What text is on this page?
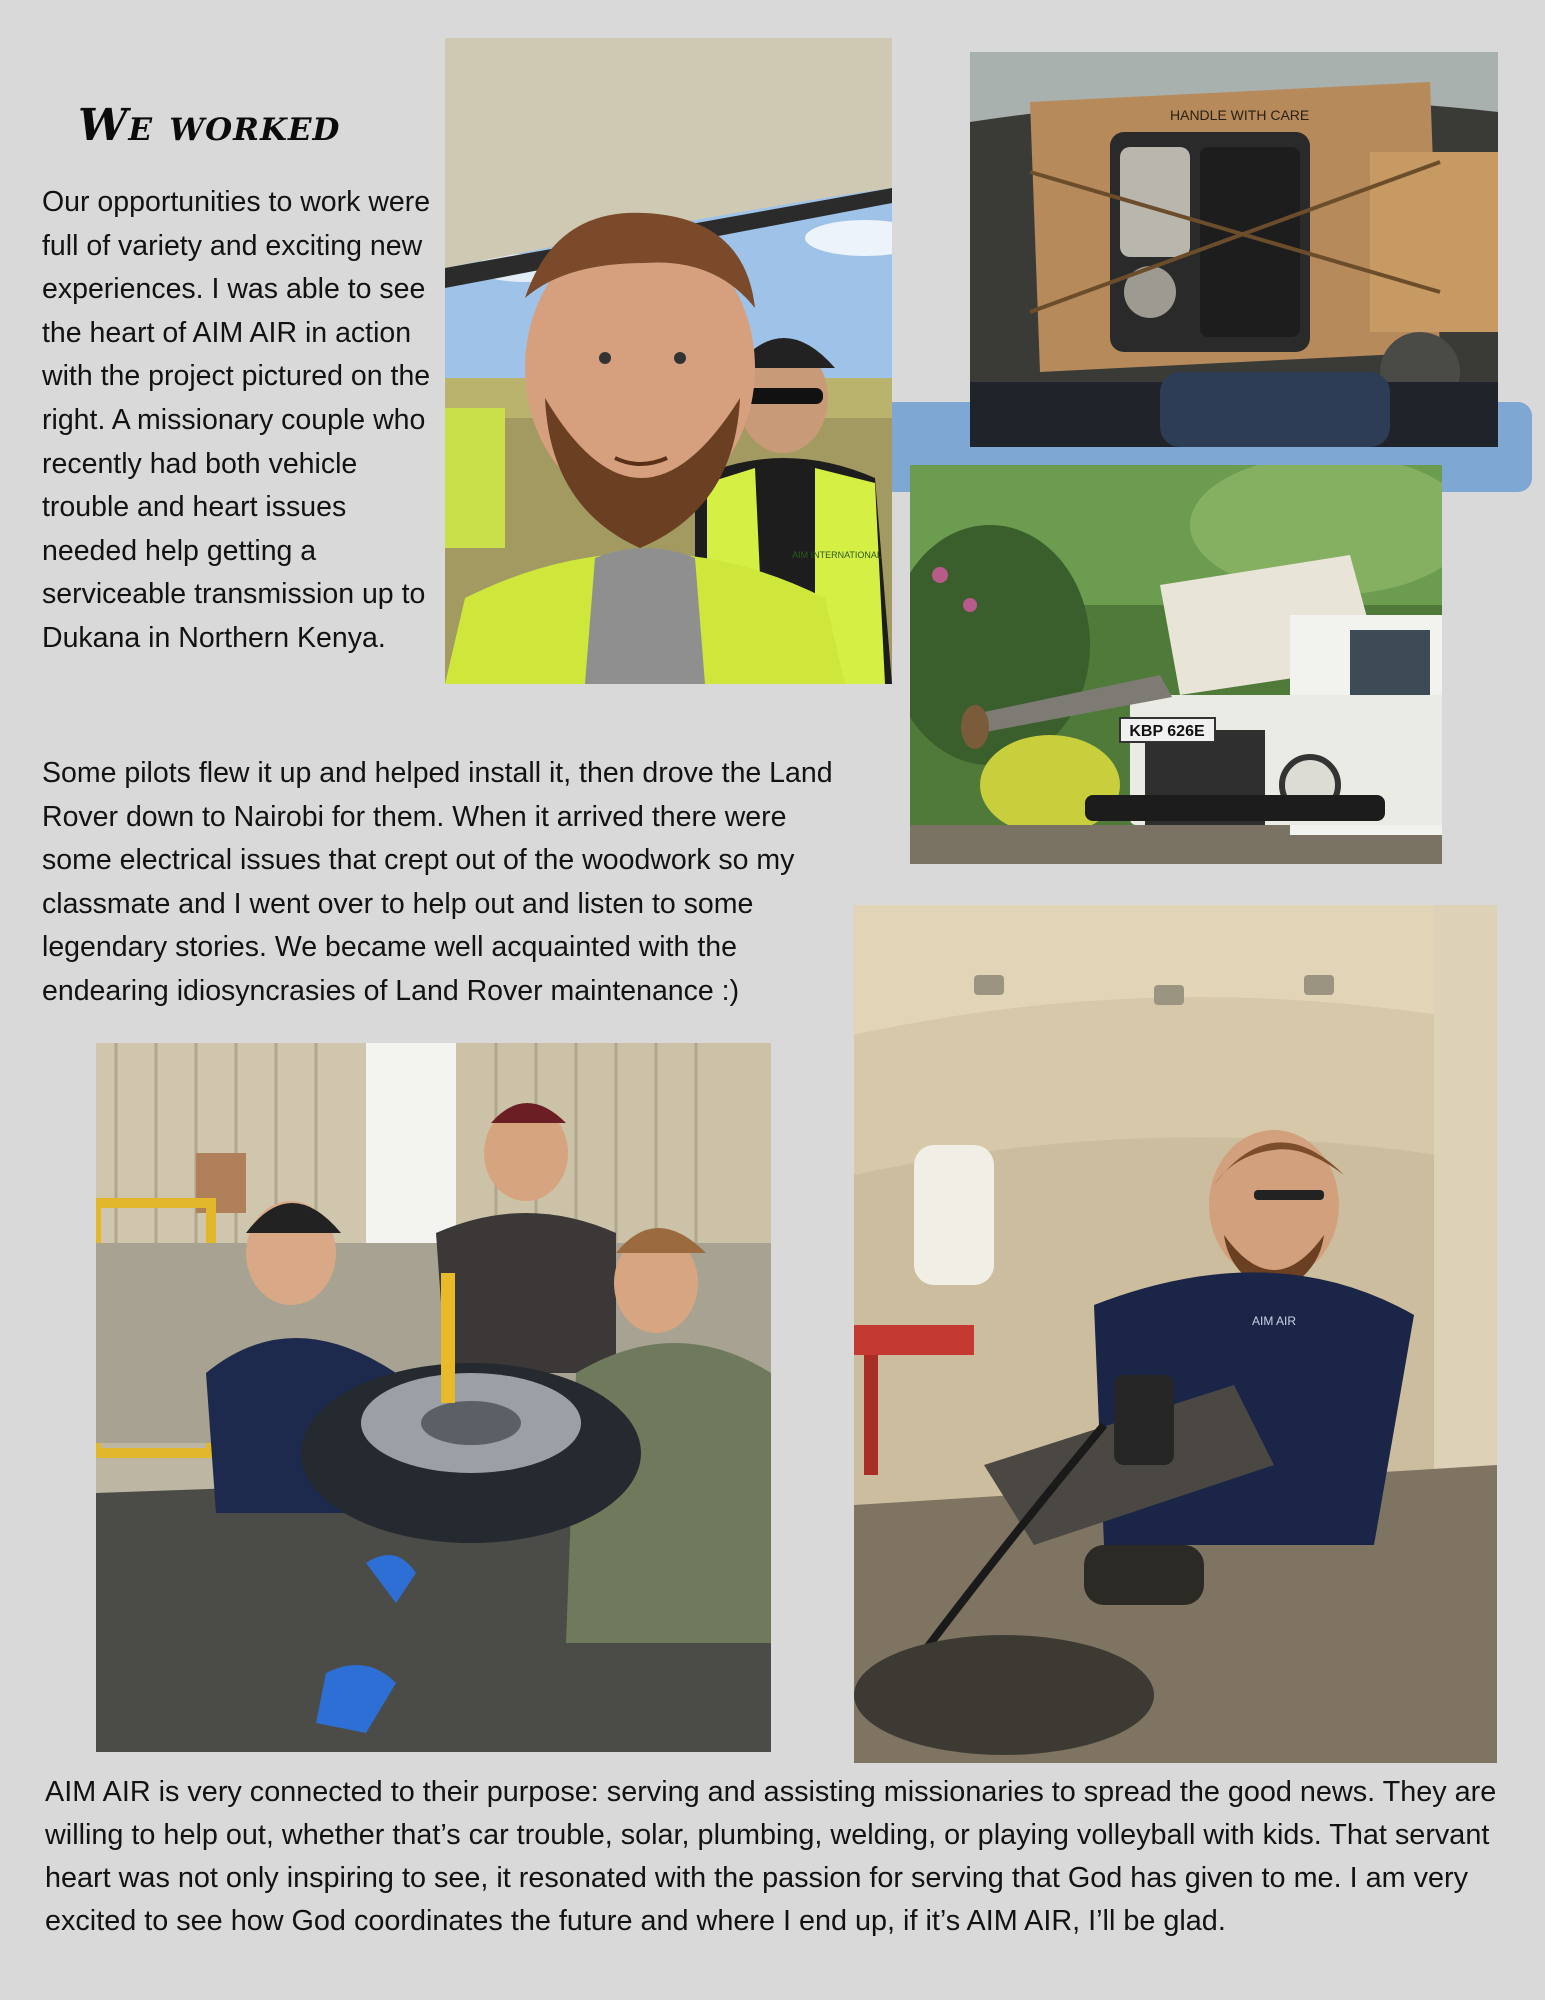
We worked
Our opportunities to work were full of variety and exciting new experiences. I was able to see the heart of AIM AIR in action with the project pictured on the right. A missionary couple who recently had both vehicle trouble and heart issues needed help getting a serviceable transmission up to Dukana in Northern Kenya.
Some pilots flew it up and helped install it, then drove the Land Rover down to Nairobi for them. When it arrived there were some electrical issues that crept out of the woodwork so my classmate and I went over to help out and listen to some legendary stories. We became well acquainted with the endearing idiosyncrasies of Land Rover maintenance :)
AIM AIR is very connected to their purpose: serving and assisting missionaries to spread the good news. They are willing to help out, whether that’s car trouble, solar, plumbing, welding, or playing volleyball with kids. That servant heart was not only inspiring to see, it resonated with the passion for serving that God has given to me. I am very excited to see how God coordinates the future and where I end up, if it’s AIM AIR, I’ll be glad.
AIM INTERNATIONAL
HANDLE WITH CARE
KBP 626E
AIM AIR
